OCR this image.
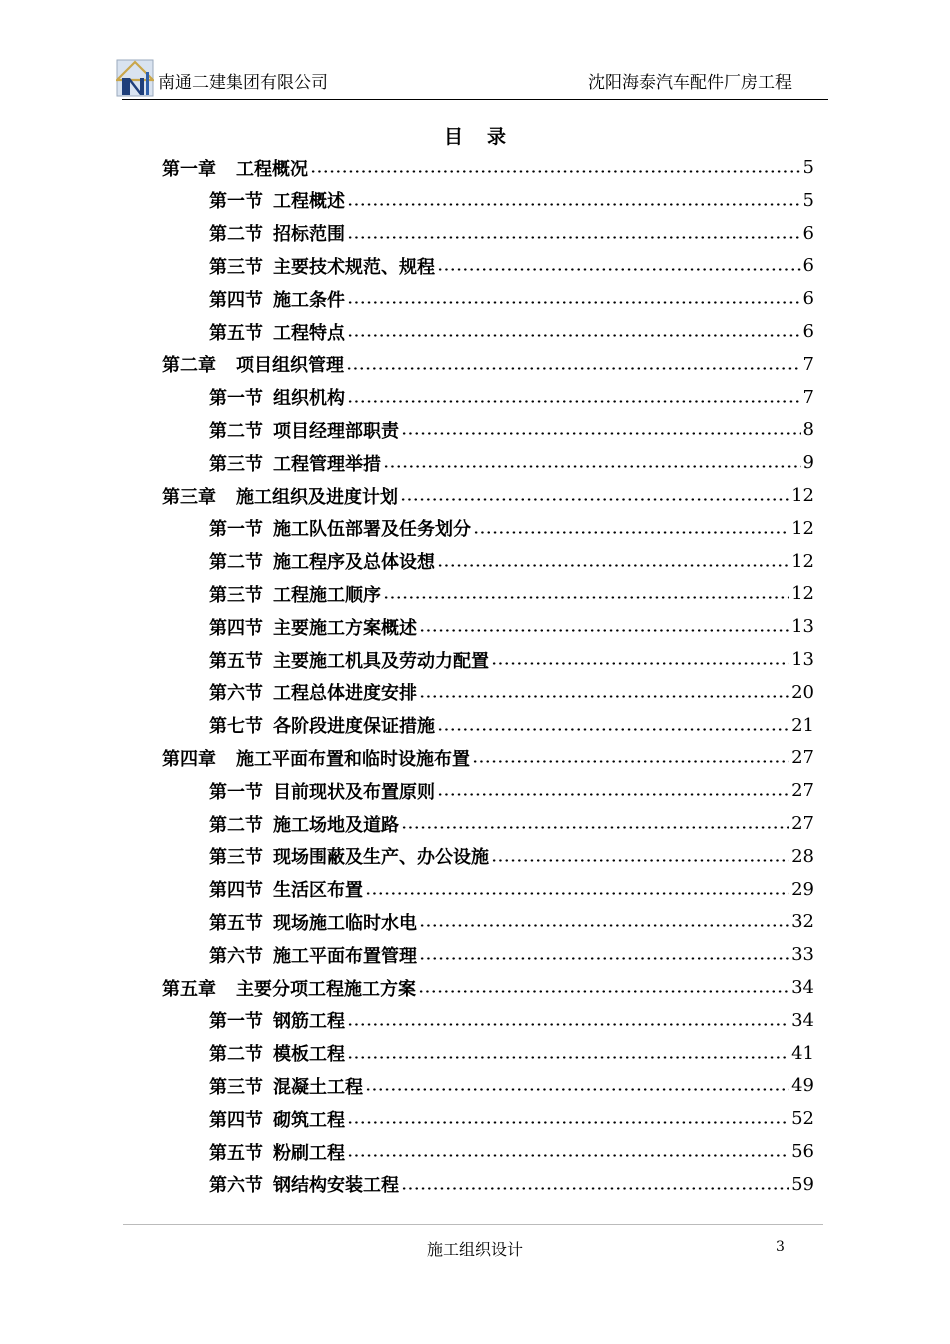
南通二建集团有限公司	沈阳海泰汽车配件厂房工程
目录
第一章 工程概况	5
第一节 工程概述	5
第二节 招标范围	6
第三节 主要技术规范、规程	6
第四节 施工条件	6
第五节 工程特点	6
第二章 项目组织管理	7
第一节 组织机构	7
第二节 项目经理部职责	8
第三节 工程管理举措	9
第三章 施工组织及进度计划	12
第一节 施工队伍部署及任务划分	12
第二节 施工程序及总体设想	12
第三节 工程施工顺序	12
第四节 主要施工方案概述	13
第五节 主要施工机具及劳动力配置	13
第六节 工程总体进度安排	20
第七节 各阶段进度保证措施	21
第四章 施工平面布置和临时设施布置	27
第一节 目前现状及布置原则	27
第二节 施工场地及道路	27
第三节 现场围蔽及生产、办公设施	28
第四节 生活区布置	29
第五节 现场施工临时水电	32
第六节 施工平面布置管理	33
第五章 主要分项工程施工方案	34
第一节 钢筋工程	34
第二节 模板工程	41
第三节 混凝土工程	49
第四节 砌筑工程	52
第五节 粉刷工程	56
第六节 钢结构安装工程	59
施工组织设计	3
